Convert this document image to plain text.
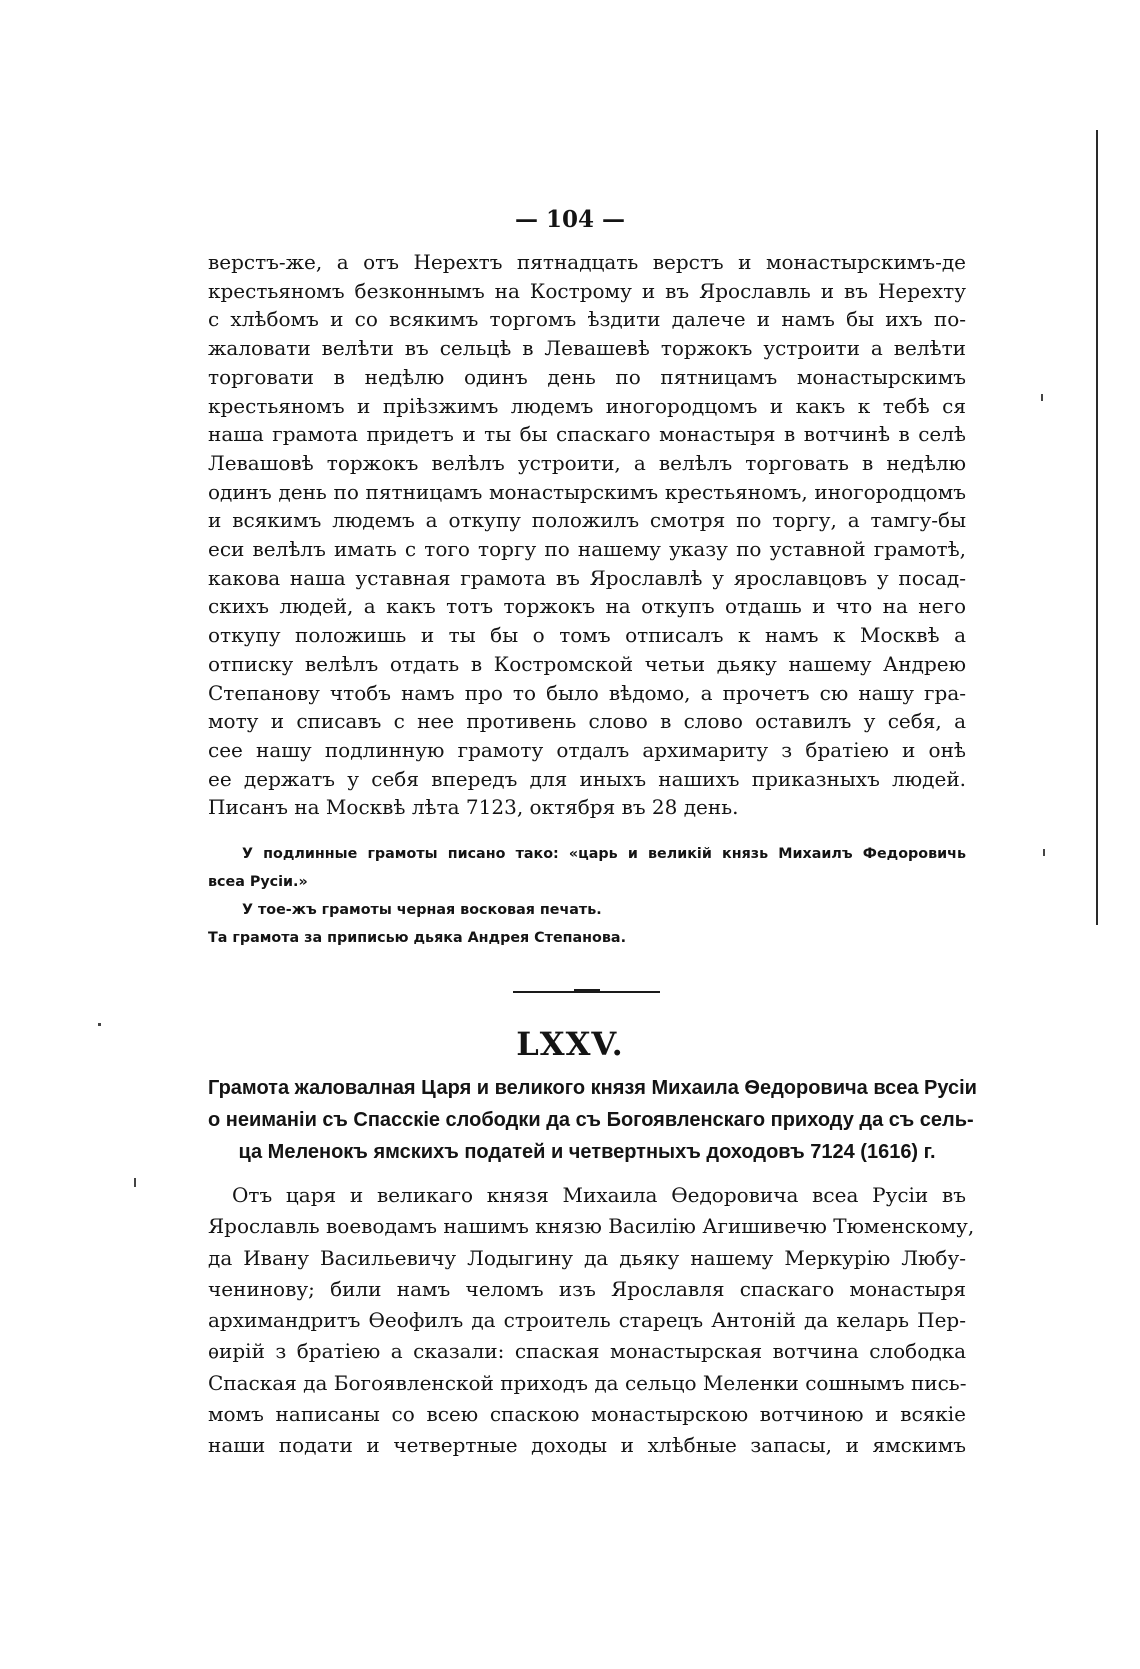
— 104 —
верстъ-же, а отъ Нерехтъ пятнадцать верстъ и монастырскимъ-де
крестьяномъ безконнымъ на Кострому и въ Ярославль и въ Нерехту
с хлѣбомъ и со всякимъ торгомъ ѣздити далече и намъ бы ихъ по-
жаловати велѣти въ сельцѣ в Левашевѣ торжокъ устроити а велѣти
торговати в недѣлю одинъ день по пятницамъ монастырскимъ
крестьяномъ и прiѣзжимъ людемъ иногородцомъ и какъ к тебѣ ся
наша грамота придетъ и ты бы спаскаго монастыря в вотчинѣ в селѣ
Левашовѣ торжокъ велѣлъ устроити, а велѣлъ торговать в недѣлю
одинъ день по пятницамъ монастырскимъ крестьяномъ, иногородцомъ
и всякимъ людемъ а откупу положилъ смотря по торгу, а тамгу-бы
еси велѣлъ имать с того торгу по нашему указу по уставной грамотѣ,
какова наша уставная грамота въ Ярославлѣ у ярославцовъ у посад-
скихъ людей, а какъ тотъ торжокъ на откупъ отдашь и что на него
откупу положишь и ты бы о томъ отписалъ к намъ к Москвѣ а
отписку велѣлъ отдать в Костромской четьи дьяку нашему Андрею
Степанову чтобъ намъ про то было вѣдомо, а прочетъ сю нашу гра-
моту и списавъ с нее противень слово в слово оставилъ у себя, а
сее нашу подлинную грамоту отдалъ архимариту з братiею и онѣ
ее держатъ у себя впередъ для иныхъ нашихъ приказныхъ людей.
Писанъ на Москвѣ лѣта 7123, октября въ 28 день.
У подлинные грамоты писано тако: «царь и великiй князь Михаилъ Федоровичь
всеа Русiи.»
У тое-жъ грамоты черная восковая печать.
Та грамота за приписью дьяка Андрея Степанова.
LXXV.
Грамота жаловалная Царя и великого князя Михаила Ѳедоровича всеа Русiи
о неиманiи съ Спасскiе слободки да съ Богоявленскаго приходу да съ сель-
ца Меленокъ ямскихъ податей и четвертныхъ доходовъ 7124 (1616) г.
Отъ царя и великаго князя Михаила Ѳедоровича всеа Русiи въ
Ярославль воеводамъ нашимъ князю Василiю Агишивечю Тюменскому,
да Ивану Васильевичу Лодыгину да дьяку нашему Меркурiю Любу-
ченинову; били намъ челомъ изъ Ярославля спаскаго монастыря
архимандритъ Ѳеофилъ да строитель старецъ Антонiй да келарь Пер-
ѳирiй з братiею а сказали: спаская монастырская вотчина слободка
Спаская да Богоявленской приходъ да сельцо Меленки сошнымъ пись-
момъ написаны со всею спаскою монастырскою вотчиною и всякiе
наши подати и четвертные доходы и хлѣбные запасы, и ямскимъ
